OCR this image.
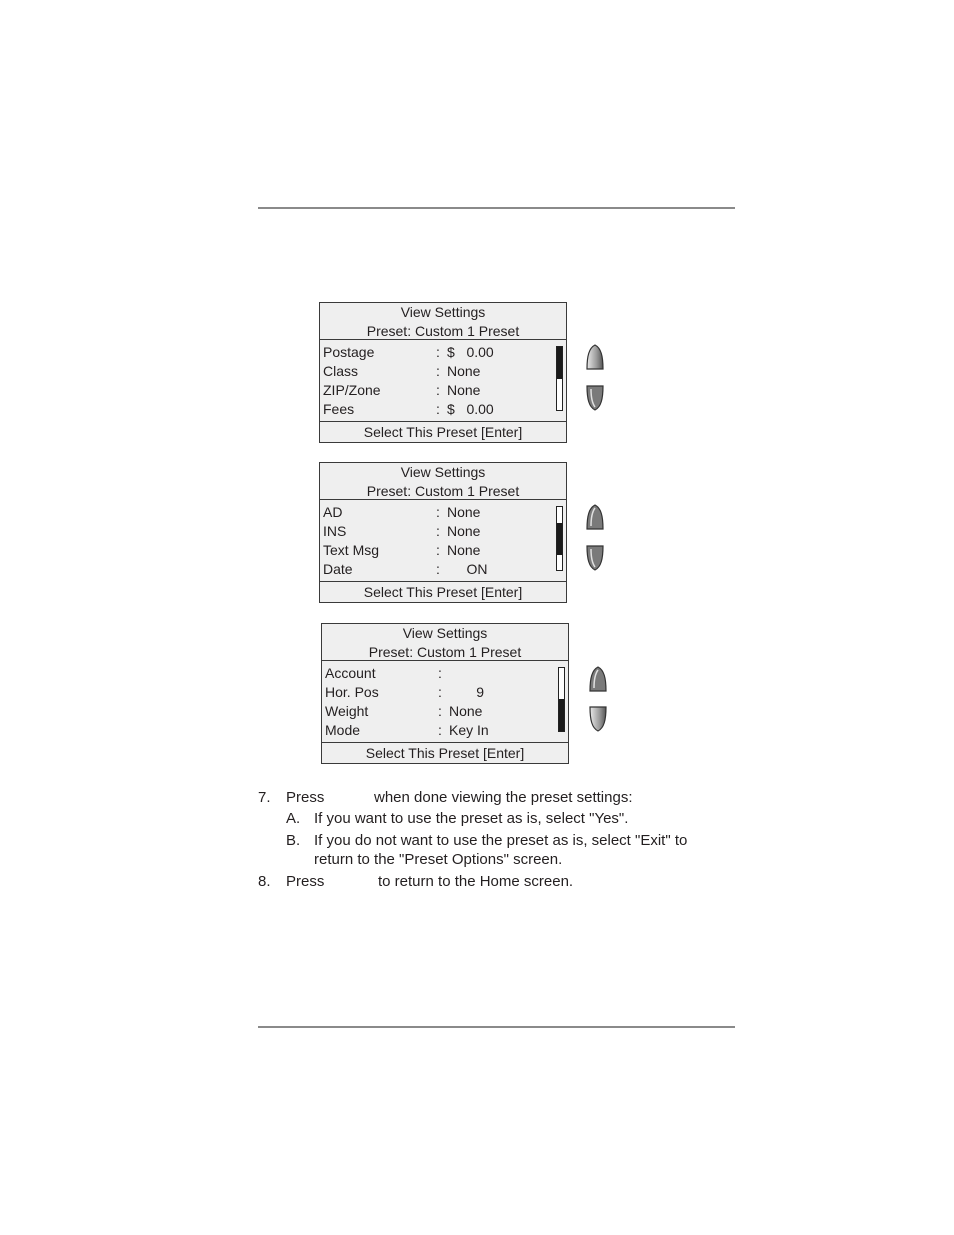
View Settings
Preset: Custom 1 Preset
Postage	: $   0.00
Class	: None
ZIP/Zone	: None
Fees	: $   0.00
Select This Preset [Enter]
View Settings
Preset: Custom 1 Preset
AD	: None
INS	: None
Text Msg	: None
Date	: ON
Select This Preset [Enter]
View Settings
Preset: Custom 1 Preset
Account	:
Hor. Pos	: 9
Weight	: None
Mode	: Key In
Select This Preset [Enter]
7. Press	when done viewing the preset settings:
A. If you want to use the preset as is, select "Yes".
B. If you do not want to use the preset as is, select "Exit" to return to the "Preset Options" screen.
8. Press	to return to the Home screen.
